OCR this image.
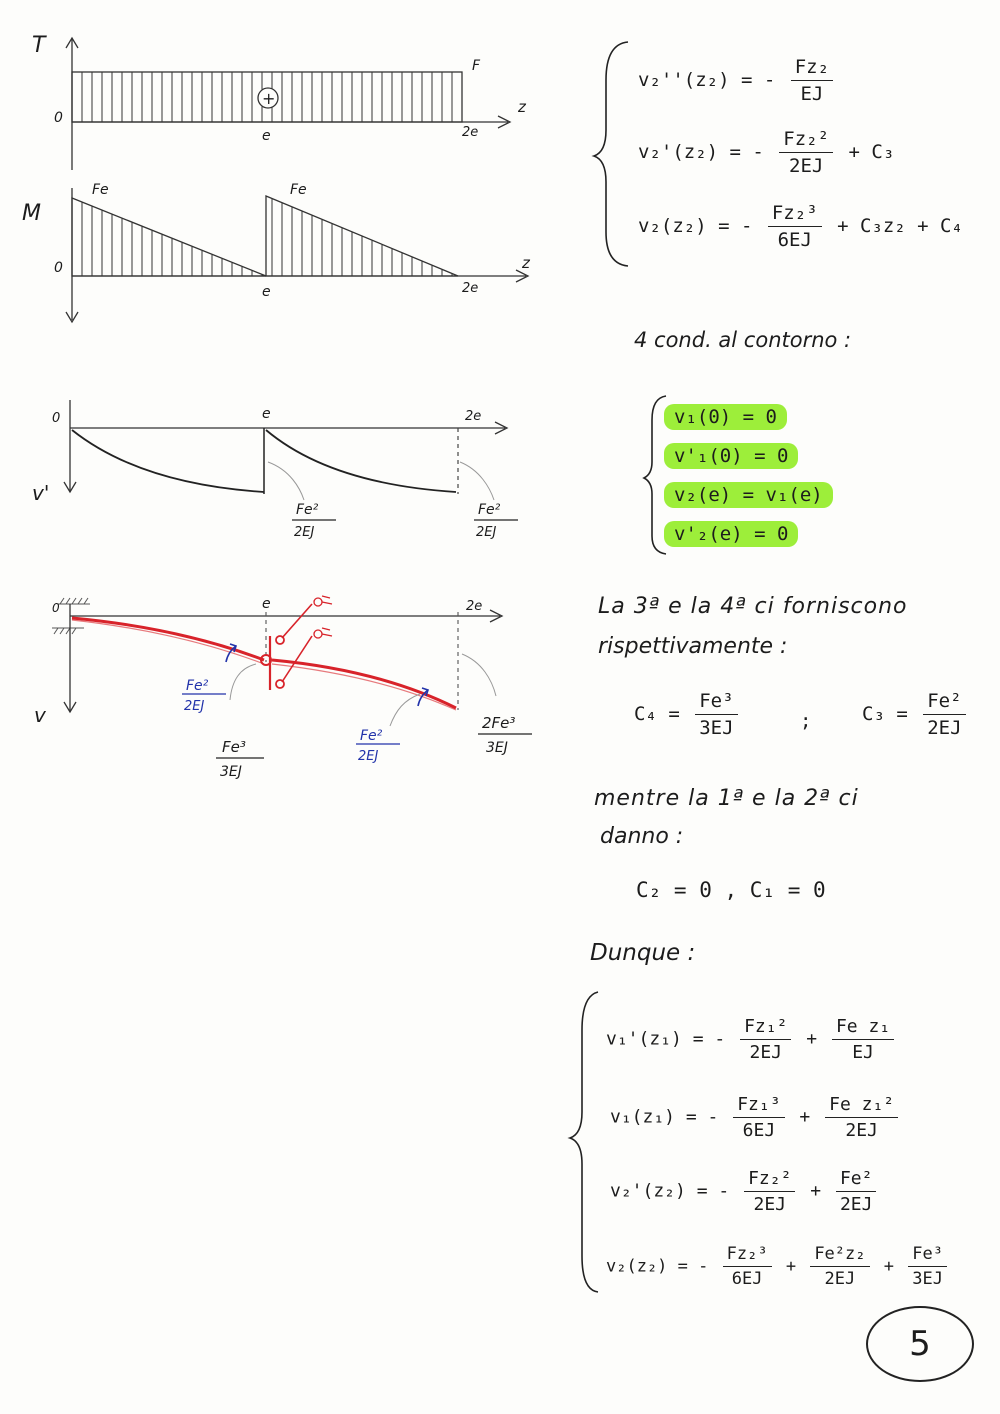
+
T
0
F
e	2e
z
M
0
Fe	Fe
e	2e
z
v'
0	e	2e
Fe²
2EJ
Fe²
2EJ
v
0	e	2e
Fe²
2EJ
Fe²
2EJ
Fe³
3EJ
2Fe³
3EJ
v₂''(z₂) = - $\frac{\text{Fz₂}}{EJ}$
v₂'(z₂) = - $\frac{\text{Fz₂²}}{2EJ} + C_3$
v₂(z₂) = - $\frac{\text{Fz₂³}}{6EJ} + C_3z_2 + C_4$
4 cond. al contorno :
v₁(0) = 0
v'₁(0) = 0
v₂(e) = v₁(e)
v'₂(e) = 0
La 3ª e la 4ª ci forniscono
rispettivamente :
$C_4 = \frac{\text{Fe³}}{3EJ}$	;	$C_3 = \frac{\text{Fe²}}{2EJ}$
mentre la 1ª e la 2ª ci
danno :
C₂ = 0 , C₁ = 0
Dunque :
v₁'(z₁) = - $\frac{\text{Fz₁²}}{2EJ} + \frac{\text{Fe z₁}}{EJ}$
v₁(z₁) = - $\frac{\text{Fz₁³}}{6EJ} + \frac{\text{Fe z₁²}}{2EJ}$
v₂'(z₂) = - $\frac{\text{Fz₂²}}{2EJ} + \frac{\text{Fe²}}{2EJ}$
v₂(z₂) = - $\frac{\text{Fz₂³}}{6EJ} + \frac{\text{Fe²z₂}}{2EJ} + \frac{\text{Fe³}}{3EJ}$
5
